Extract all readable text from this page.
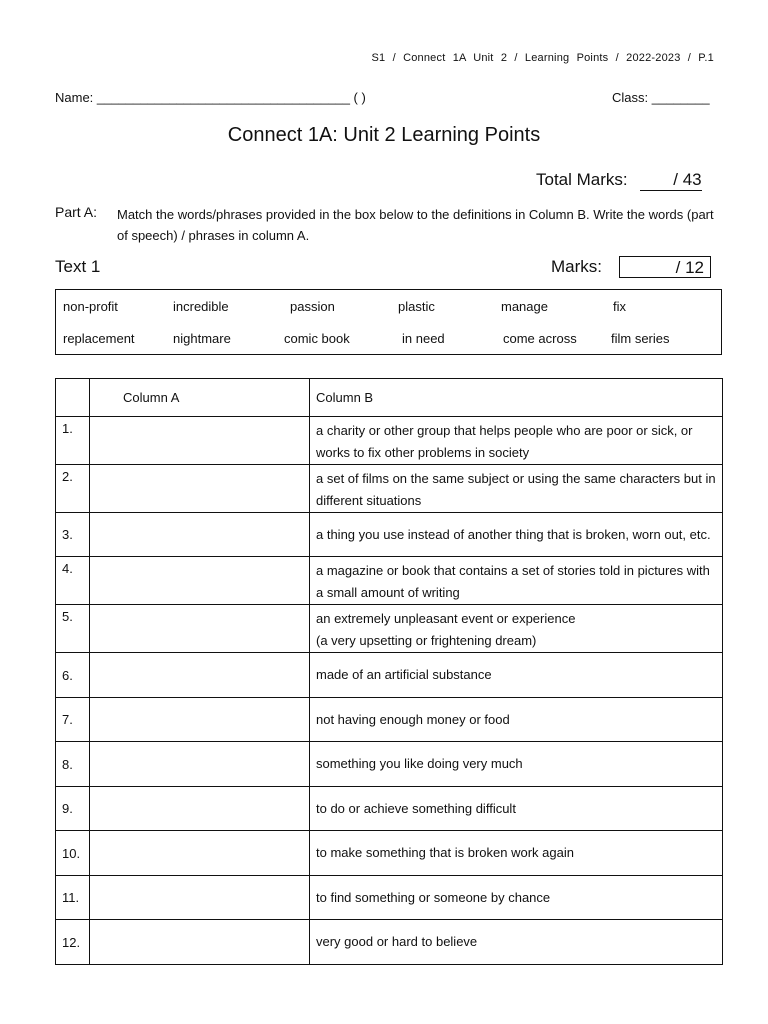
S1 / Connect 1A Unit 2 / Learning Points / 2022-2023 / P.1
Name: ___________________________________ ( )	Class: ________
Connect 1A: Unit 2 Learning Points
Total Marks:	/ 43
Part A: Match the words/phrases provided in the box below to the definitions in Column B. Write the words (part of speech) / phrases in column A.
Text 1	Marks:	/ 12
non-profit	incredible	passion	plastic	manage	fix
replacement	nightmare	comic book	in need	come across	film series
	Column A	Column B
1.		a charity or other group that helps people who are poor or sick, or works to fix other problems in society
2.		a set of films on the same subject or using the same characters but in different situations
3.		a thing you use instead of another thing that is broken, worn out, etc.
4.		a magazine or book that contains a set of stories told in pictures with a small amount of writing
5.		an extremely unpleasant event or experience
(a very upsetting or frightening dream)
6.		made of an artificial substance
7.		not having enough money or food
8.		something you like doing very much
9.		to do or achieve something difficult
10.		to make something that is broken work again
11.		to find something or someone by chance
12.		very good or hard to believe
